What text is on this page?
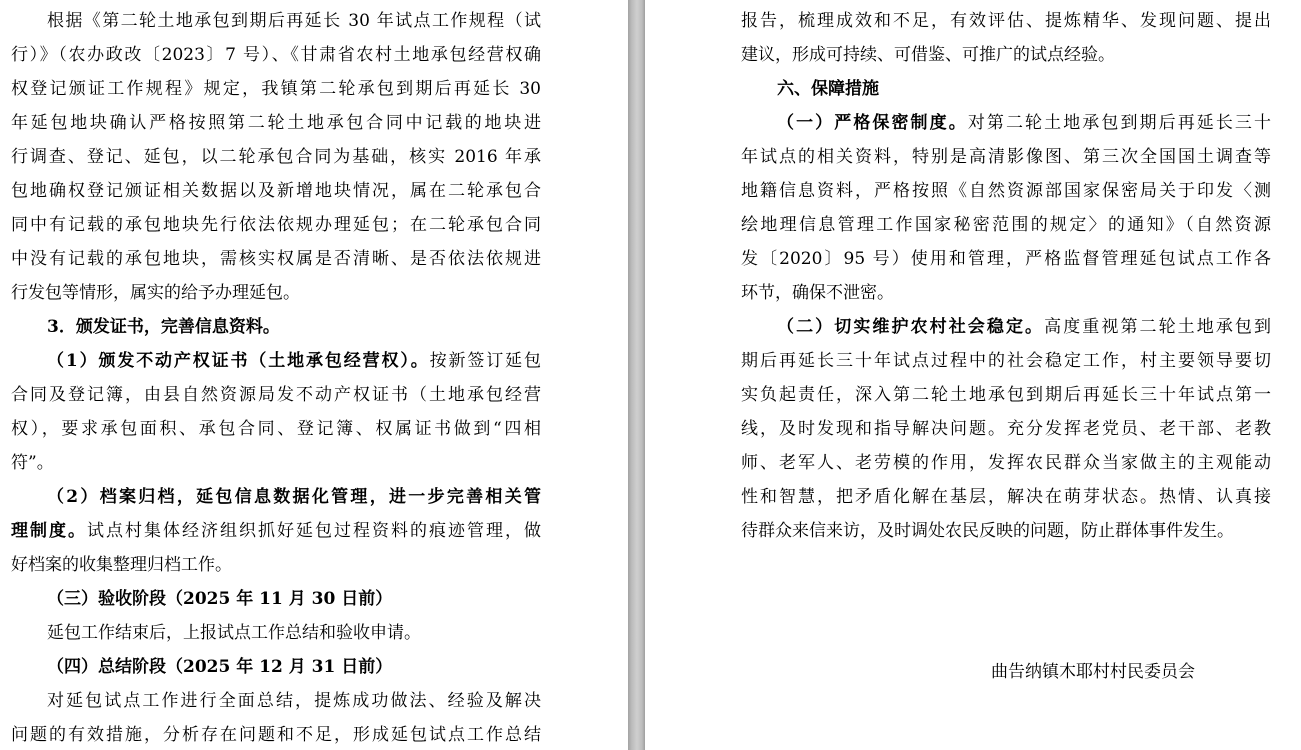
根据《第二轮土地承包到期后再延长 30 年试点工作规程（试
行）》（农办政改〔2023〕7 号）、《甘肃省农村土地承包经营权确
权登记颁证工作规程》规定，我镇第二轮承包到期后再延长 30
年延包地块确认严格按照第二轮土地承包合同中记载的地块进
行调查、登记、延包，以二轮承包合同为基础，核实 2016 年承
包地确权登记颁证相关数据以及新增地块情况，属在二轮承包合
同中有记载的承包地块先行依法依规办理延包；在二轮承包合同
中没有记载的承包地块，需核实权属是否清晰、是否依法依规进
行发包等情形，属实的给予办理延包。
3．颁发证书，完善信息资料。
（1）颁发不动产权证书（土地承包经营权）。按新签订延包
合同及登记簿，由县自然资源局发不动产权证书（土地承包经营
权），要求承包面积、承包合同、登记簿、权属证书做到“四相
符”。
（2）档案归档，延包信息数据化管理，进一步完善相关管
理制度。试点村集体经济组织抓好延包过程资料的痕迹管理，做
好档案的收集整理归档工作。
（三）验收阶段（2025 年 11 月 30 日前）
延包工作结束后，上报试点工作总结和验收申请。
（四）总结阶段（2025 年 12 月 31 日前）
对延包试点工作进行全面总结，提炼成功做法、经验及解决
问题的有效措施，分析存在问题和不足，形成延包试点工作总结
报告，梳理成效和不足，有效评估、提炼精华、发现问题、提出
建议，形成可持续、可借鉴、可推广的试点经验。
六、保障措施
（一）严格保密制度。对第二轮土地承包到期后再延长三十
年试点的相关资料，特别是高清影像图、第三次全国国土调查等
地籍信息资料，严格按照《自然资源部国家保密局关于印发〈测
绘地理信息管理工作国家秘密范围的规定〉的通知》（自然资源
发〔2020〕95 号）使用和管理，严格监督管理延包试点工作各
环节，确保不泄密。
（二）切实维护农村社会稳定。高度重视第二轮土地承包到
期后再延长三十年试点过程中的社会稳定工作，村主要领导要切
实负起责任，深入第二轮土地承包到期后再延长三十年试点第一
线，及时发现和指导解决问题。充分发挥老党员、老干部、老教
师、老军人、老劳模的作用，发挥农民群众当家做主的主观能动
性和智慧，把矛盾化解在基层，解决在萌芽状态。热情、认真接
待群众来信来访，及时调处农民反映的问题，防止群体事件发生。
曲告纳镇木耶村村民委员会
